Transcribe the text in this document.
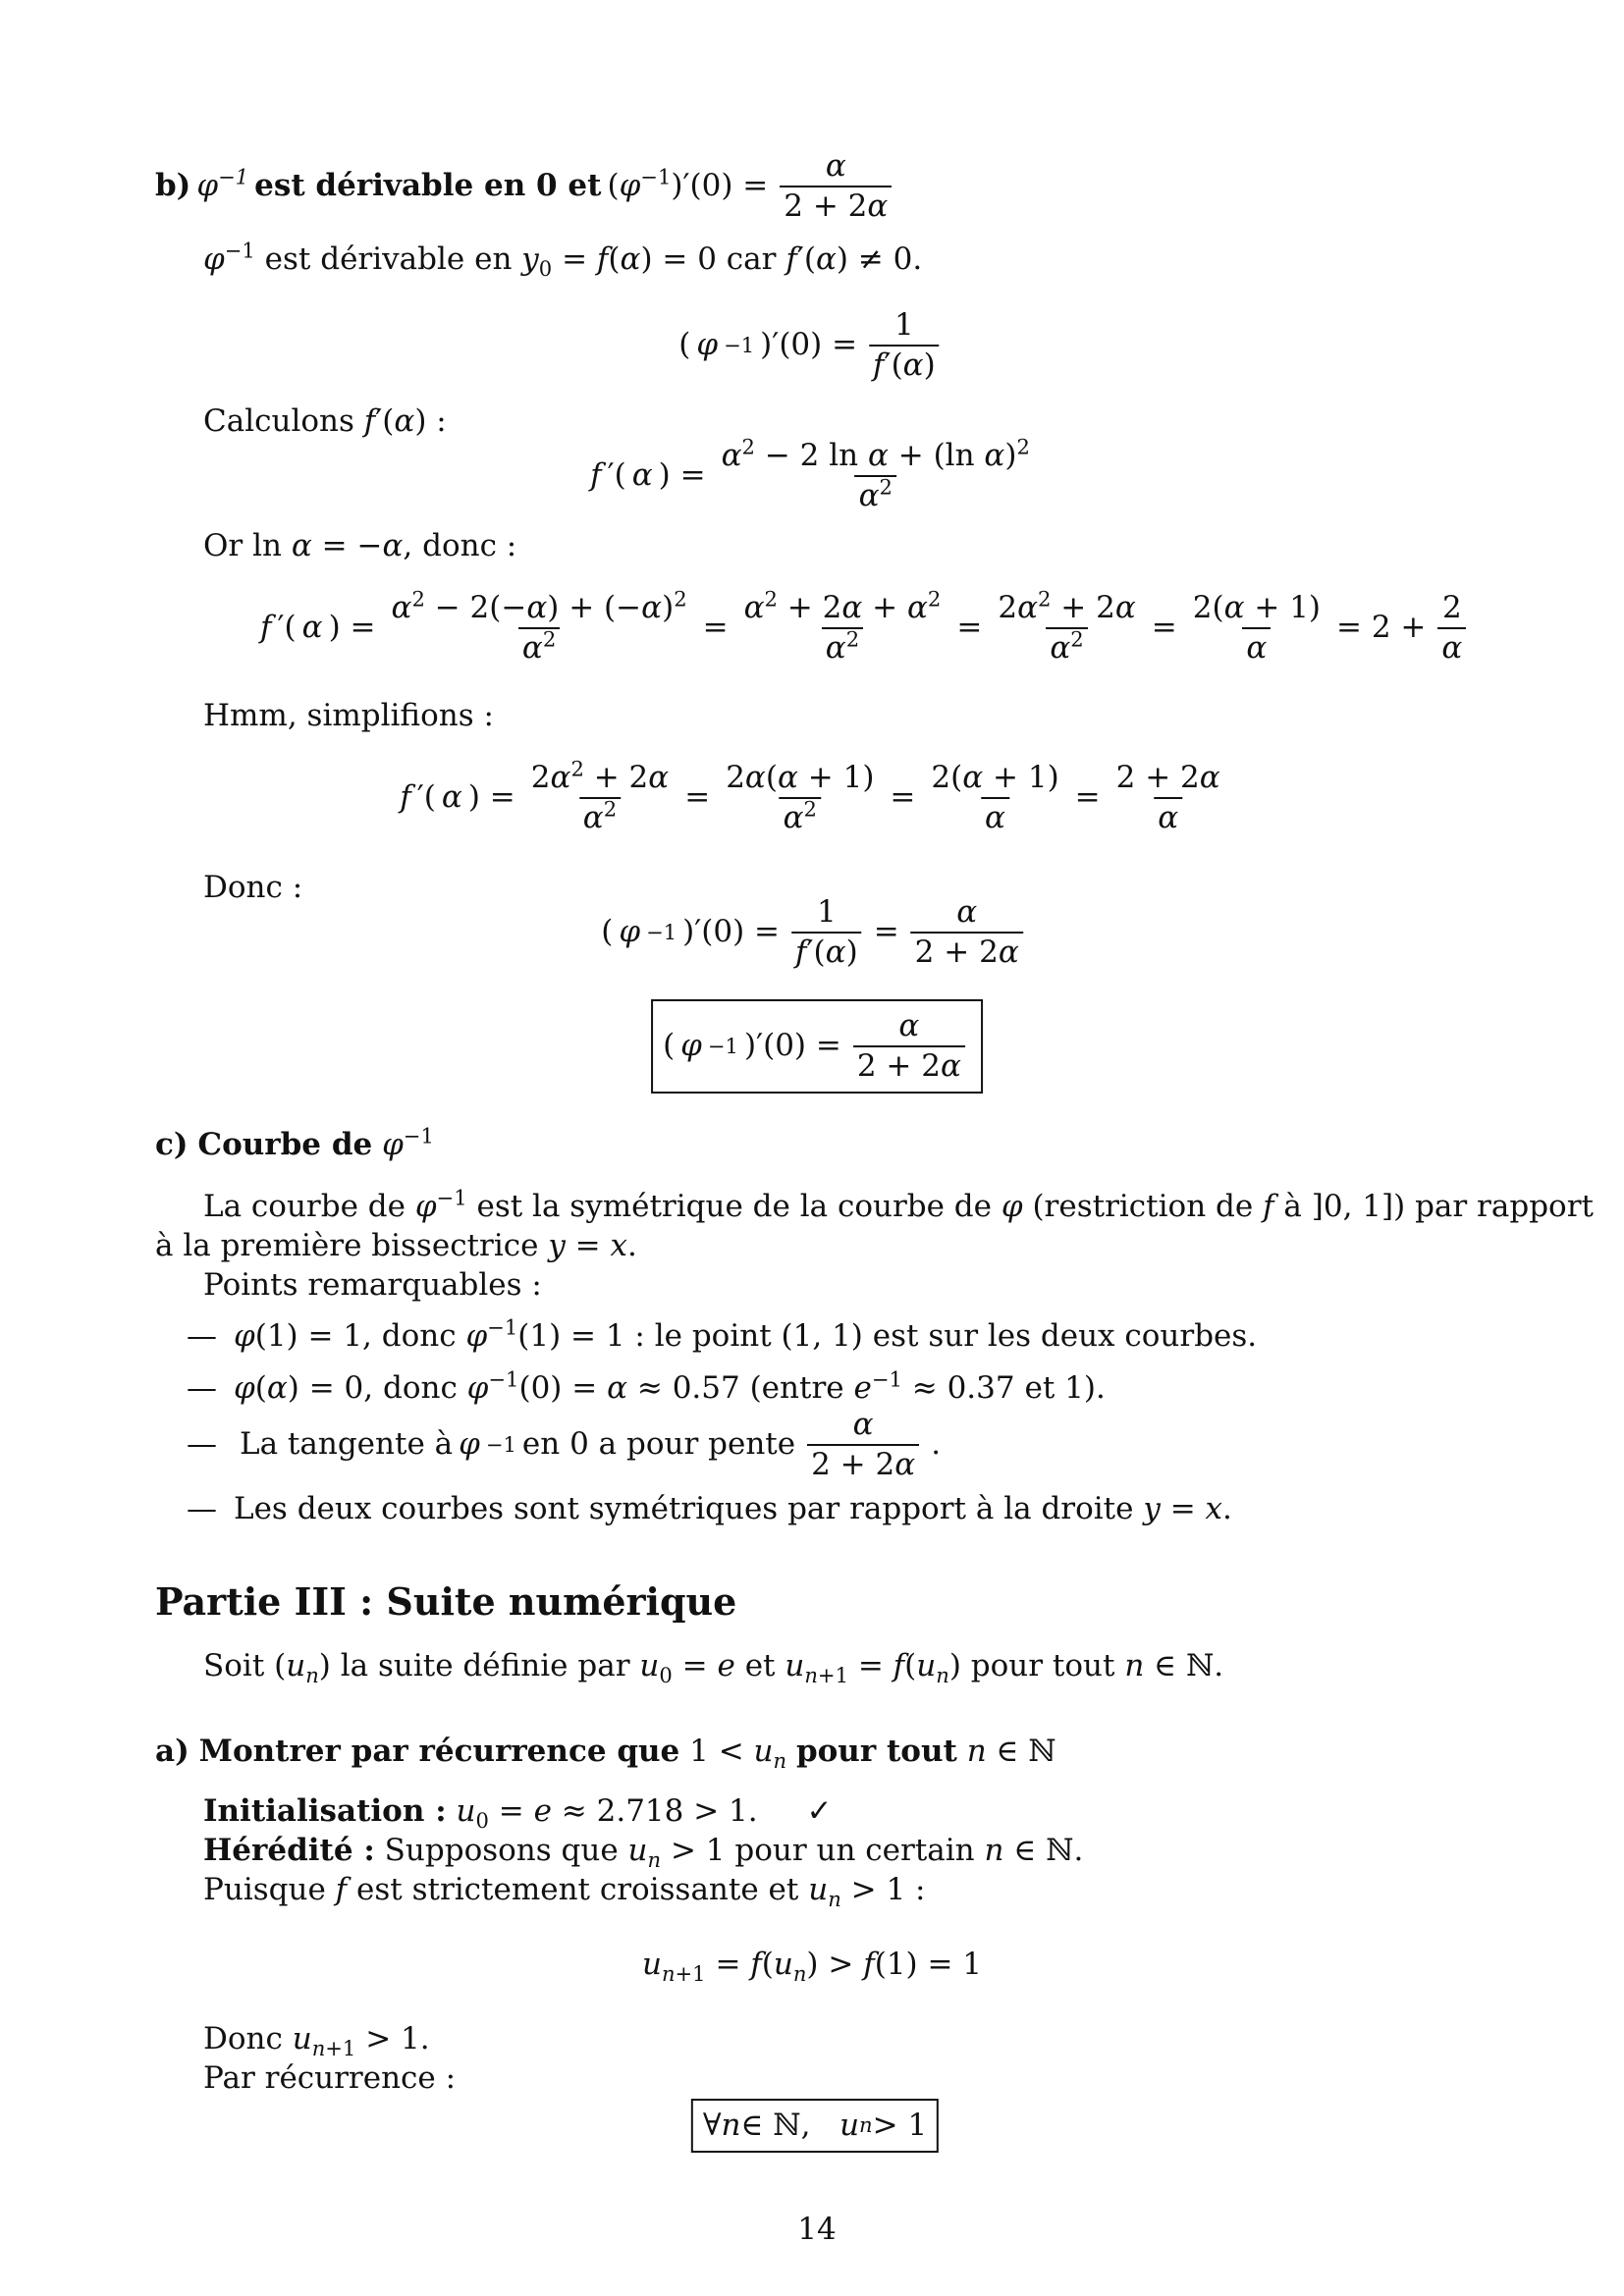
b) $\varphi^{-1}$ est dérivable en 0 et $(\varphi^{-1})'(0) = \frac{\alpha}{2 + 2\alpha}$
$\varphi^{-1}$ est dérivable en $y_0 = f(\alpha) = 0$ car f′(α) ≠ 0.
( φ −1 )$'(0) = \frac{1}{f'(\alpha)}$
Calculons f′(α) :
f ′( α ) = $\frac{\alpha^2 - 2 \ln \alpha + (\ln \alpha)^2}{\alpha^2}$
Or ln α = −α, donc :
f ′( α ) = $\frac{\alpha^2 - 2(-\alpha) + (-\alpha)^2}{\alpha^2} = \frac{\alpha^2 + 2\alpha + \alpha^2}{\alpha^2} = \frac{2\alpha^2 + 2\alpha}{\alpha^2} = \frac{2(\alpha + 1)}{\alpha} = 2 + \frac{2}{\alpha}$
Hmm, simplifions :
f ′( α ) = $\frac{2\alpha^2 + 2\alpha}{\alpha^2} = \frac{2\alpha(\alpha + 1)}{\alpha^2} = \frac{2(\alpha + 1)}{\alpha} = \frac{2 + 2\alpha}{\alpha}$
Donc :
( φ −1 )$'(0) = \frac{1}{f'(\alpha)} = \frac{\alpha}{2 + 2\alpha}$
( φ −1 )$'(0) = \frac{\alpha}{2 + 2\alpha}$
c) Courbe de $\varphi^{-1}$
La courbe de $\varphi^{-1}$ est la symétrique de la courbe de φ (restriction de f à ]0, 1]) par rapport
à la première bissectrice y = x.
Points remarquables :
— φ(1) = 1, donc $\varphi^{-1}(1) = 1$ : le point (1, 1) est sur les deux courbes.
— φ(α) = 0, donc $\varphi^{-1}(0) = \alpha \approx 0.57$ (entre $e^{-1} \approx 0.37$ et 1).
— La tangente à φ −1 en 0 a pour pente $\frac{\alpha}{2 + 2\alpha}$ .
— Les deux courbes sont symétriques par rapport à la droite y = x.
Partie III : Suite numérique
Soit $(u_n)$ la suite définie par $u_0 = e$ et $u_{n+1} = f(u_n)$ pour tout n ∈ ℕ.
a) Montrer par récurrence que $1 < u_n$ pour tout n ∈ ℕ
Initialisation : $u_0 = e \approx 2.718 > 1$. ✓
Hérédité : Supposons que $u_n > 1$ pour un certain n ∈ ℕ.
Puisque f est strictement croissante et $u_n > 1$ :
$u_{n+1} = f(u_n) > f(1) = 1$
Donc $u_{n+1} > 1$.
Par récurrence :
∀ n ∈ ℕ, u n > 1
14
